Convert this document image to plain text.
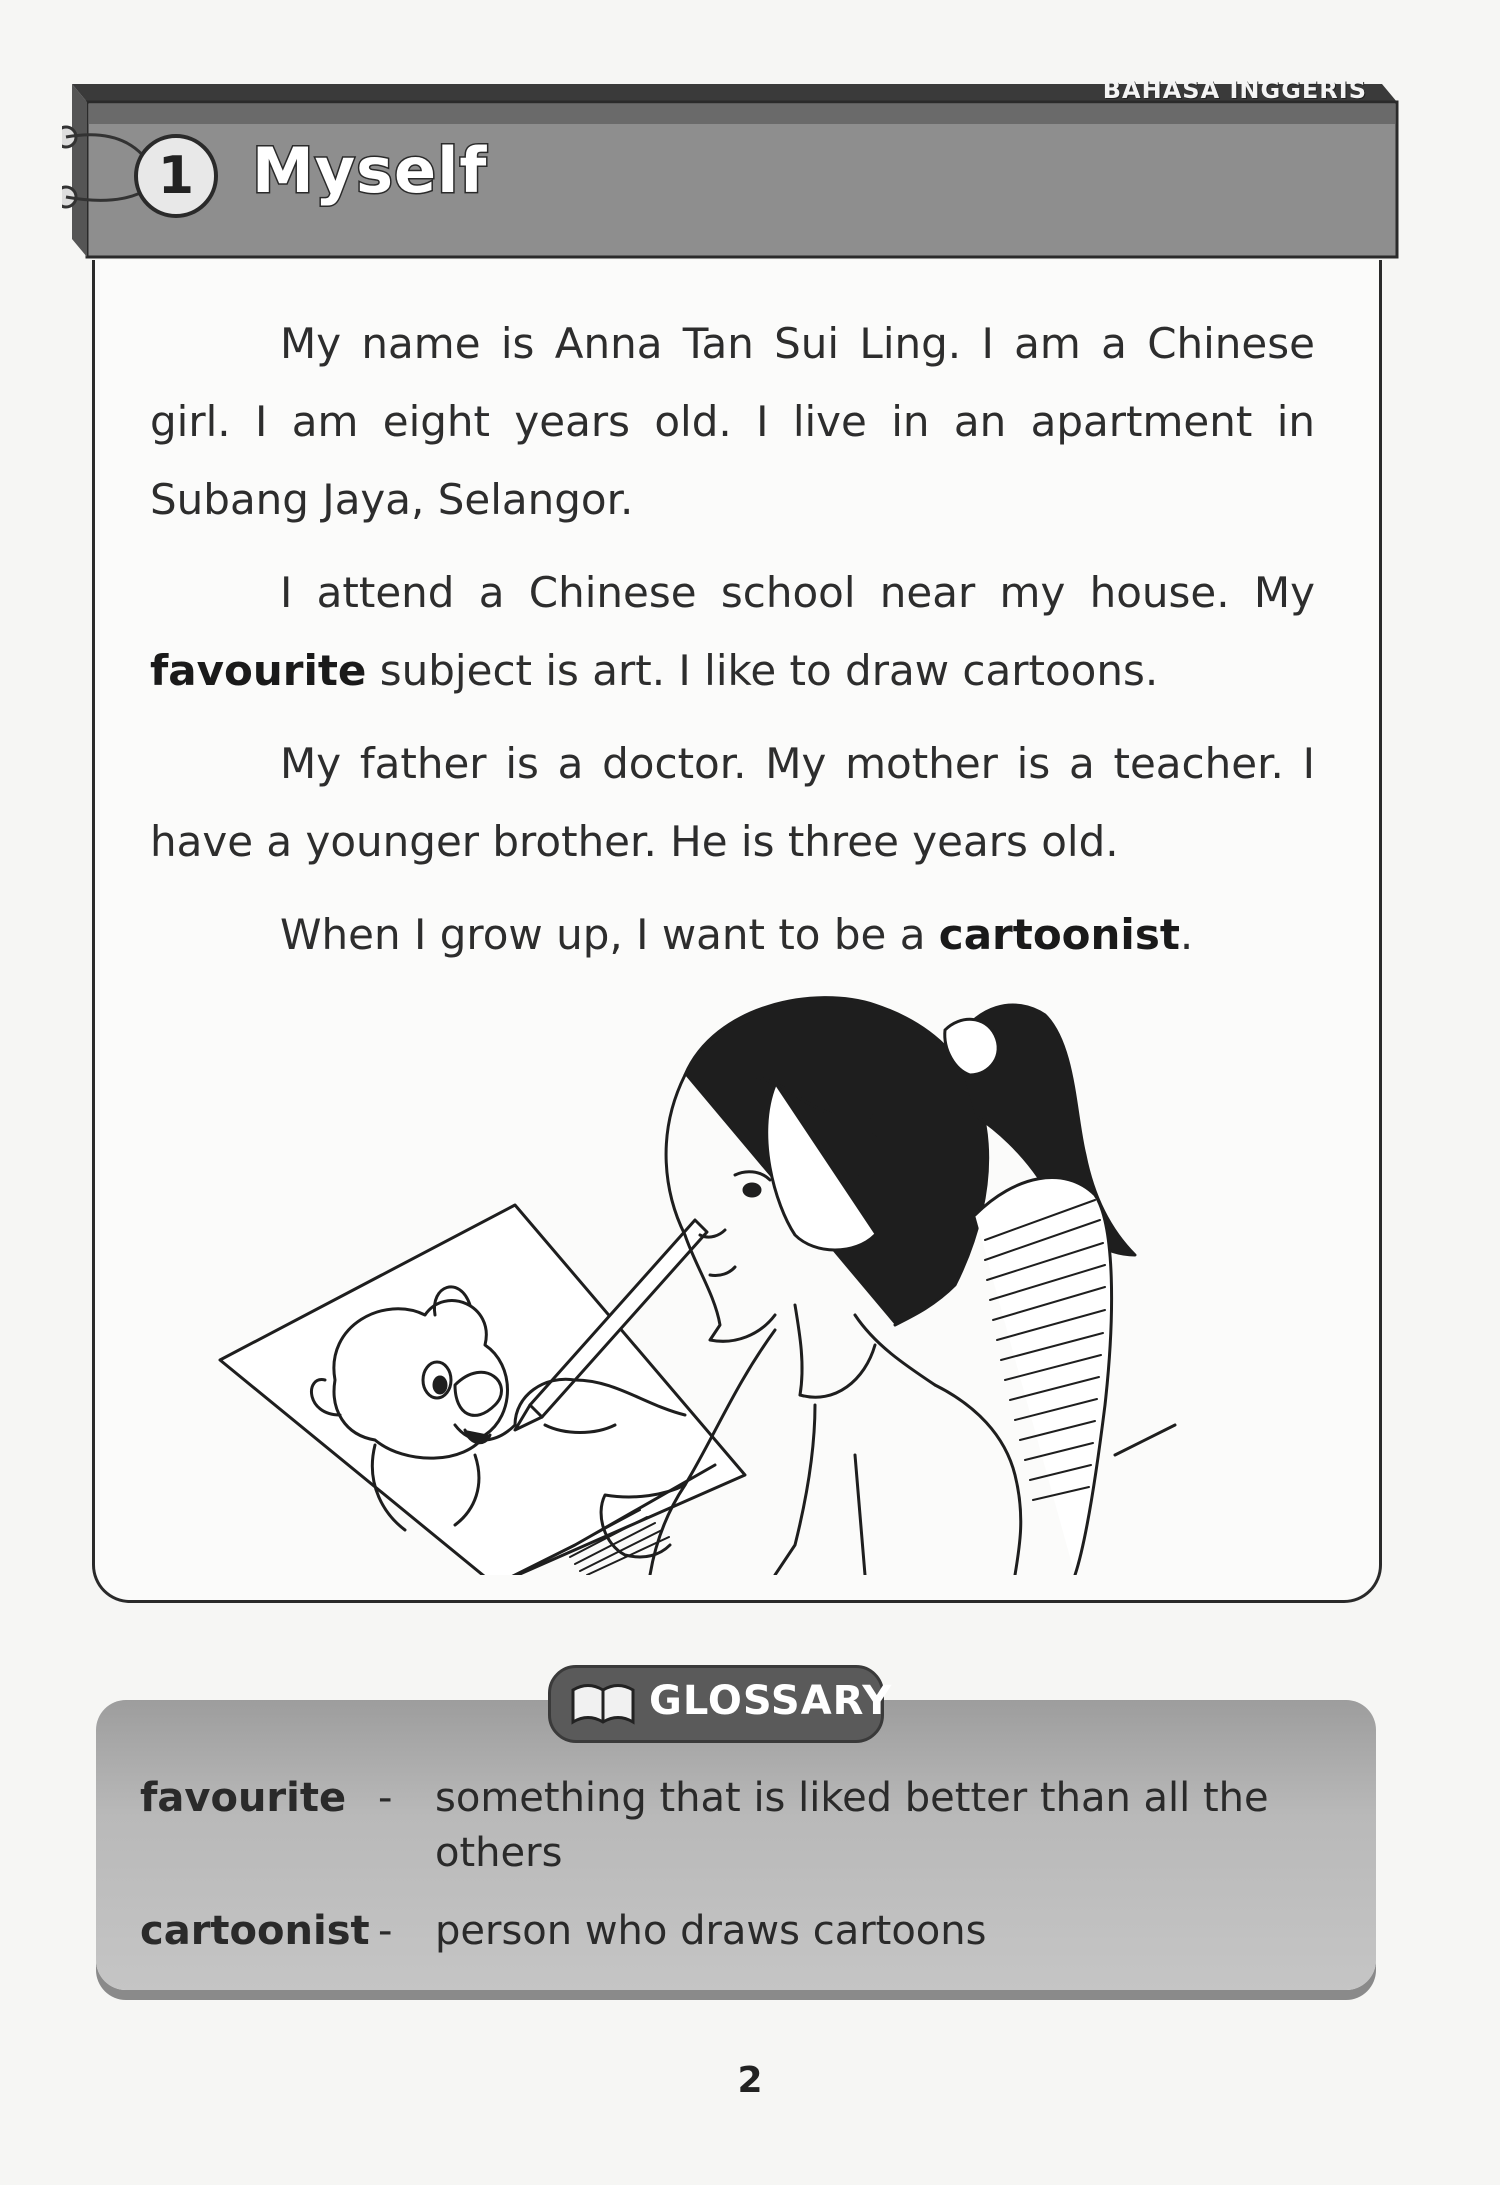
BAHASA INGGERIS
1 Myself

My name is Anna Tan Sui Ling. I am a Chinese girl. I am eight years old. I live in an apartment in Subang Jaya, Selangor.

I attend a Chinese school near my house. My favourite subject is art. I like to draw cartoons.

My father is a doctor. My mother is a teacher. I have a younger brother. He is three years old.

When I grow up, I want to be a cartoonist.

GLOSSARY
favourite - something that is liked better than all the
others
cartoonist - person who draws cartoons
2
